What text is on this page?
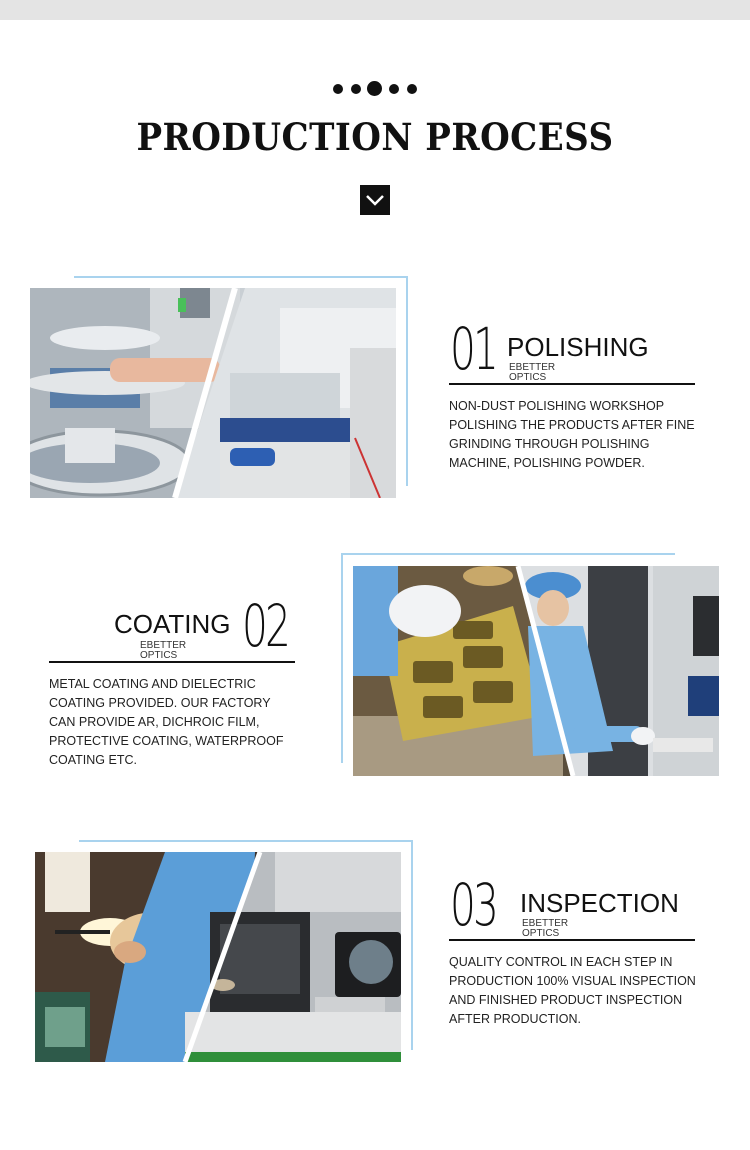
PRODUCTION PROCESS
01 POLISHING
EBETTER OPTICS

NON-DUST POLISHING WORKSHOP POLISHING THE PRODUCTS AFTER FINE GRINDING THROUGH POLISHING MACHINE, POLISHING POWDER.

COATING
EBETTER OPTICS 02

METAL COATING AND DIELECTRIC COATING PROVIDED. OUR FACTORY CAN PROVIDE AR, DICHROIC FILM, PROTECTIVE COATING, WATERPROOF COATING ETC.

03 INSPECTION
EBETTER OPTICS

QUALITY CONTROL IN EACH STEP IN PRODUCTION 100% VISUAL INSPECTION AND FINISHED PRODUCT INSPECTION AFTER PRODUCTION.
